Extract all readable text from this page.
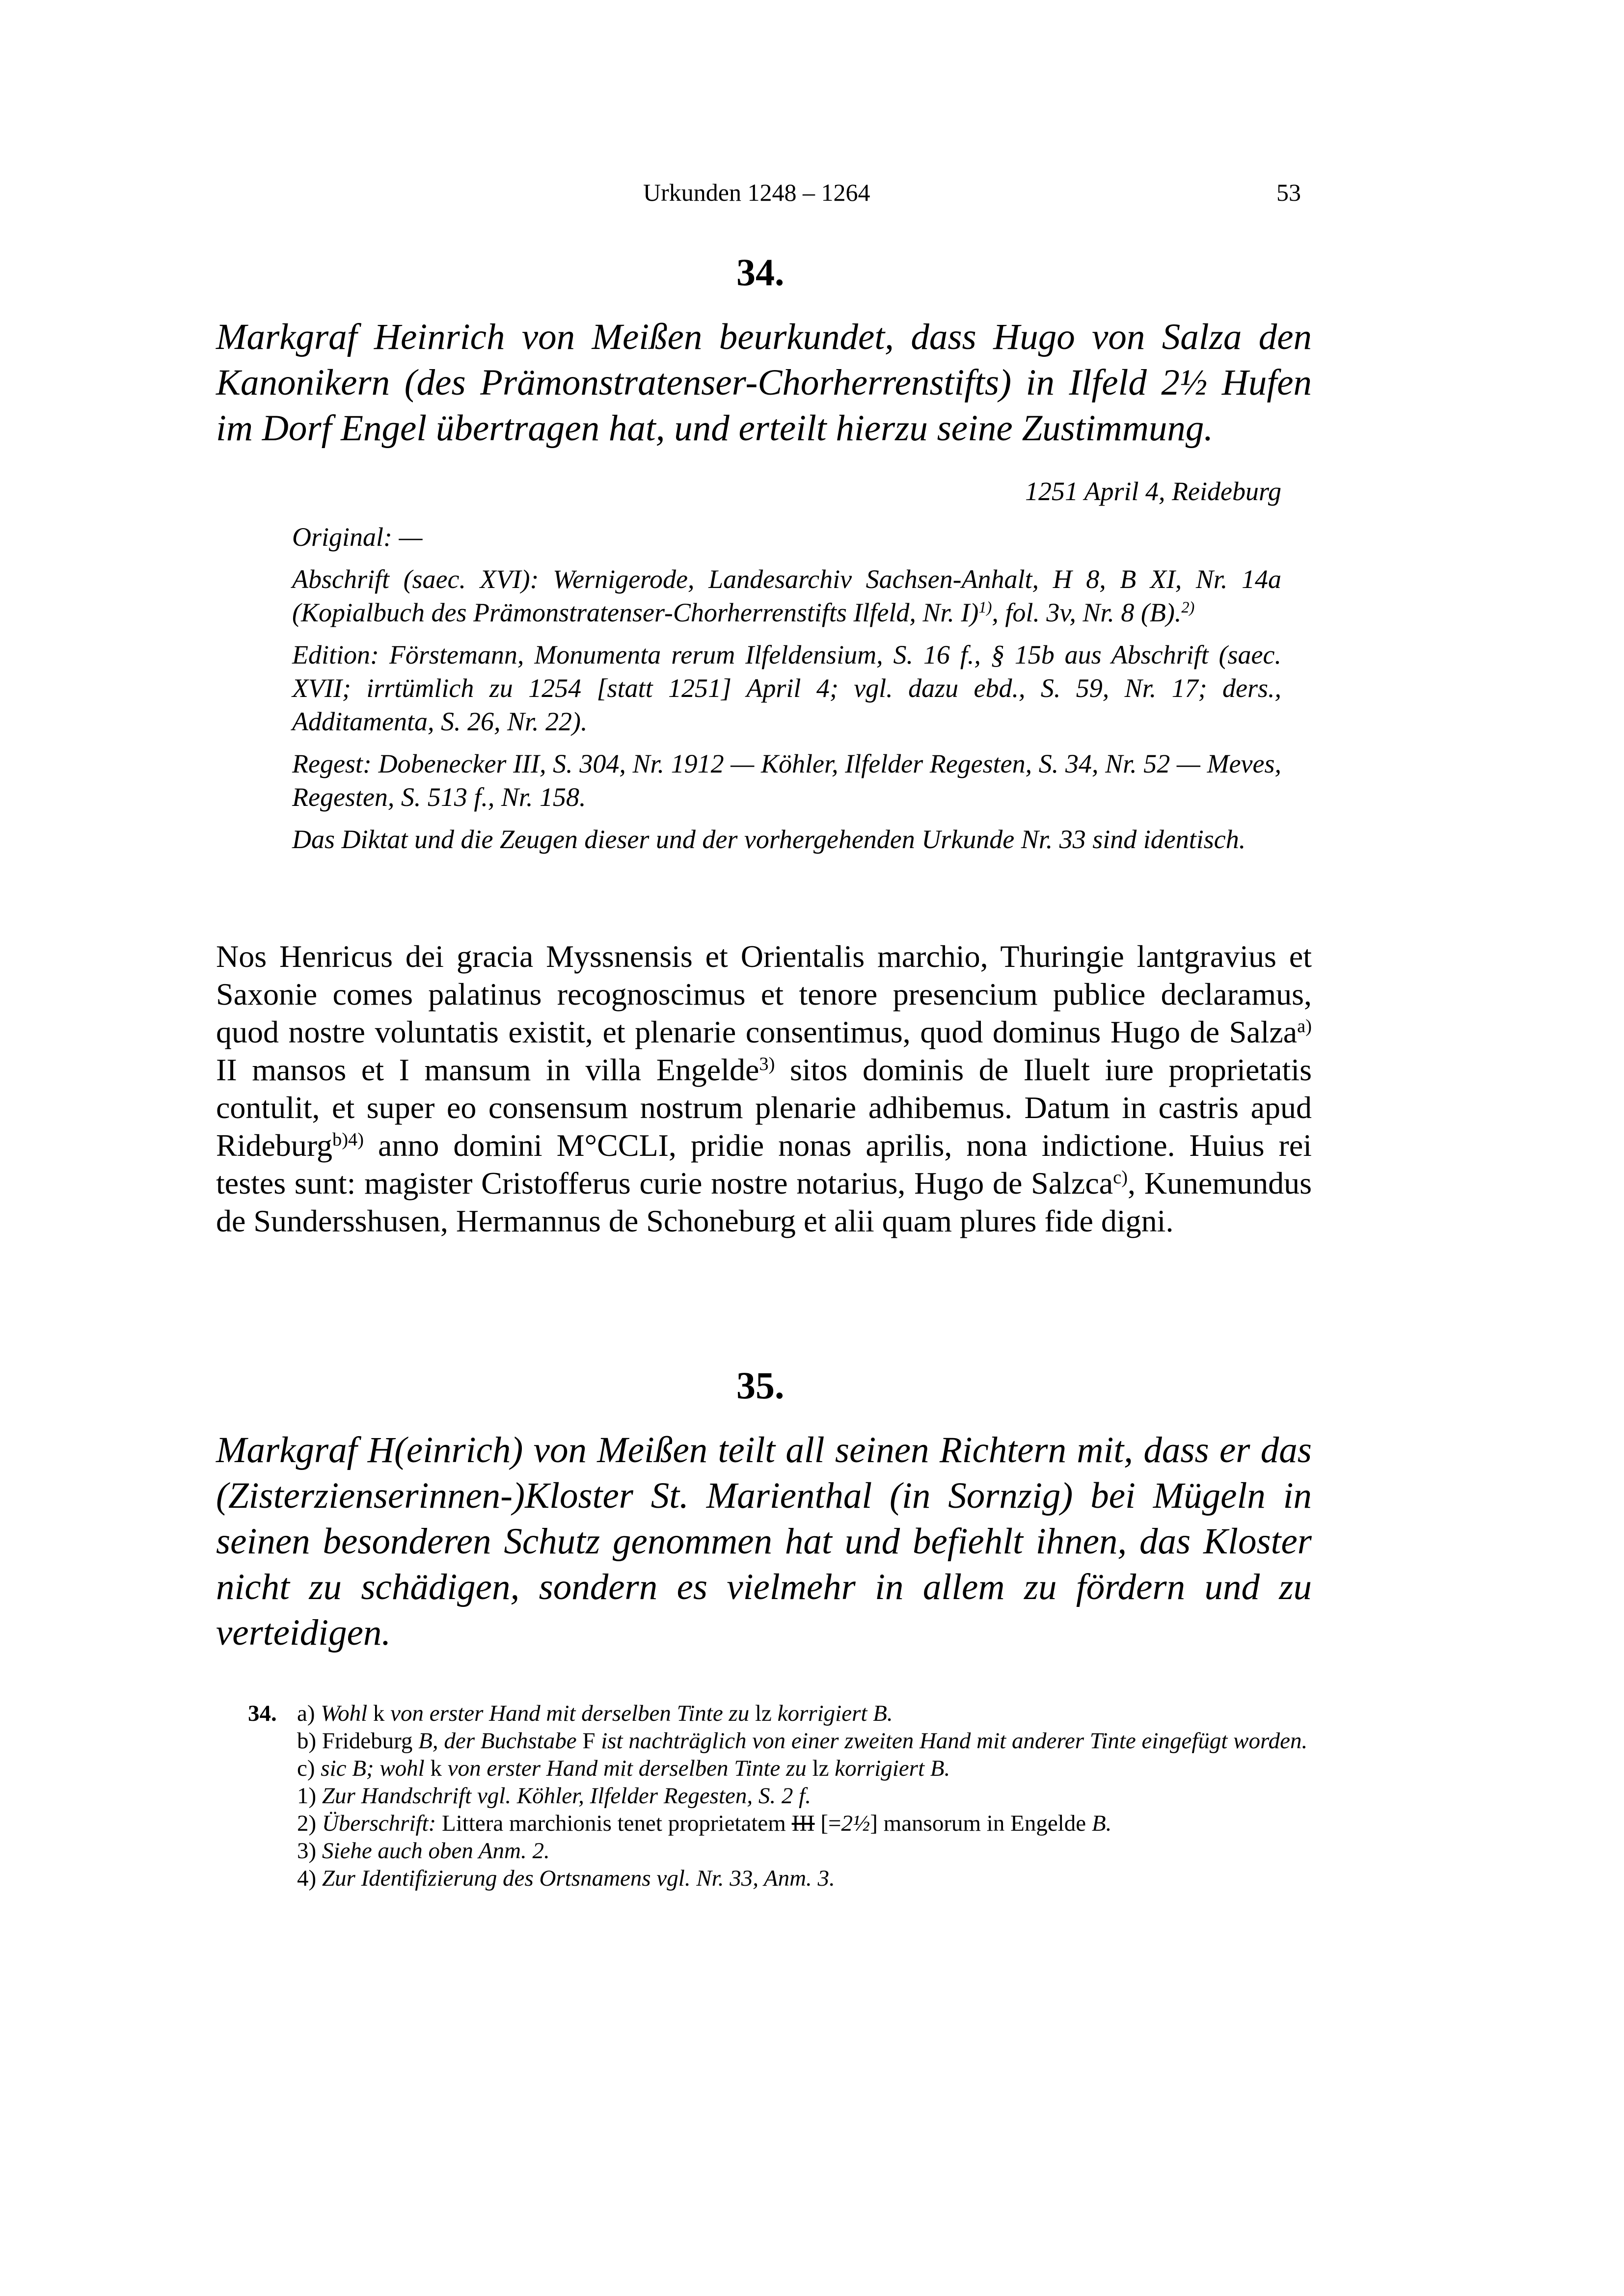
Urkunden 1248 – 1264	53
34.
Markgraf Heinrich von Meißen beurkundet, dass Hugo von Salza den Kanonikern (des Prämonstratenser-Chorherrenstifts) in Ilfeld 2½ Hufen im Dorf Engel übertragen hat, und erteilt hierzu seine Zustimmung.
1251 April 4, Reideburg

Original: —

Abschrift (saec. XVI): Wernigerode, Landesarchiv Sachsen-Anhalt, H 8, B XI, Nr. 14a (Kopialbuch des Prämonstratenser-Chorherrenstifts Ilfeld, Nr. I)$^{1)}$, fol. 3v, Nr. 8 (B).$^{2)}$

Edition: Förstemann, Monumenta rerum Ilfeldensium, S. 16 f., § 15b aus Abschrift (saec. XVII; irrtümlich zu 1254 [statt 1251] April 4; vgl. dazu ebd., S. 59, Nr. 17; ders., Additamenta, S. 26, Nr. 22).

Regest: Dobenecker III, S. 304, Nr. 1912 — Köhler, Ilfelder Regesten, S. 34, Nr. 52 — Meves, Regesten, S. 513 f., Nr. 158.

Das Diktat und die Zeugen dieser und der vorhergehenden Urkunde Nr. 33 sind identisch.

Nos Henricus dei gracia Myssnensis et Orientalis marchio, Thuringie lantgravius et Saxonie comes palatinus recognoscimus et tenore presencium publice declaramus, quod nostre voluntatis existit, et plenarie consentimus, quod dominus Hugo de Salza$^{a)}$ II mansos et I mansum in villa Engelde$^{3)}$ sitos dominis de Iluelt iure proprietatis contulit, et super eo consensum nostrum plenarie adhibemus. Datum in castris apud Rideburg$^{b)4)}$ anno domini M°CCLI, pridie nonas aprilis, nona indictione. Huius rei testes sunt: magister Cristofferus curie nostre notarius, Hugo de Salzca$^{c)}$, Kunemundus de Sundersshusen, Hermannus de Schoneburg et alii quam plures fide digni.
35.
Markgraf H(einrich) von Meißen teilt all seinen Richtern mit, dass er das (Zisterzienserinnen-)Kloster St. Marienthal (in Sornzig) bei Mügeln in seinen besonderen Schutz genommen hat und befiehlt ihnen, das Kloster nicht zu schädigen, sondern es vielmehr in allem zu fördern und zu verteidigen.
34. a) Wohl k von erster Hand mit derselben Tinte zu lz korrigiert B.
b) Frideburg B, der Buchstabe F ist nachträglich von einer zweiten Hand mit anderer Tinte eingefügt worden.
c) sic B; wohl k von erster Hand mit derselben Tinte zu lz korrigiert B.
1) Zur Handschrift vgl. Köhler, Ilfelder Regesten, S. 2 f.
2) Überschrift: Littera marchionis tenet proprietatem III [=2½] mansorum in Engelde B.
3) Siehe auch oben Anm. 2.
4) Zur Identifizierung des Ortsnamens vgl. Nr. 33, Anm. 3.
